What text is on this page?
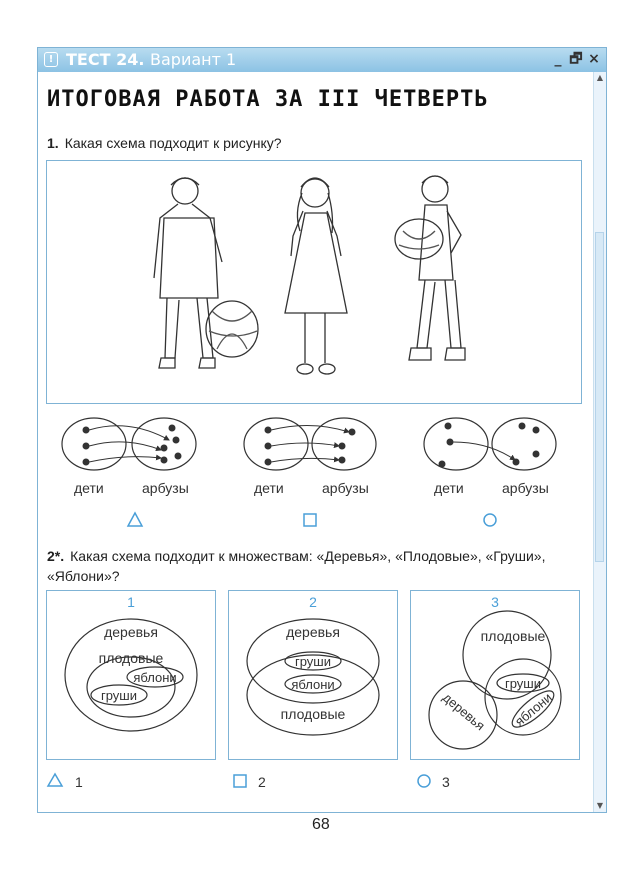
! ТЕСТ 24. Вариант 1	_ 🗗 ×
▲
▼
ИТОГОВАЯ РАБОТА ЗА III ЧЕТВЕРТЬ
1. Какая схема подходит к рисунку?
дети	арбузы	дети	арбузы	дети	арбузы
2*. Какая схема подходит к множествам: «Деревья», «Плодовые», «Груши», «Яблони»?
1
деревья
плодовые
яблони
груши
2
деревья
груши
яблони
плодовые
3
плодовые
груши
деревья яблони
1	2	3
68
